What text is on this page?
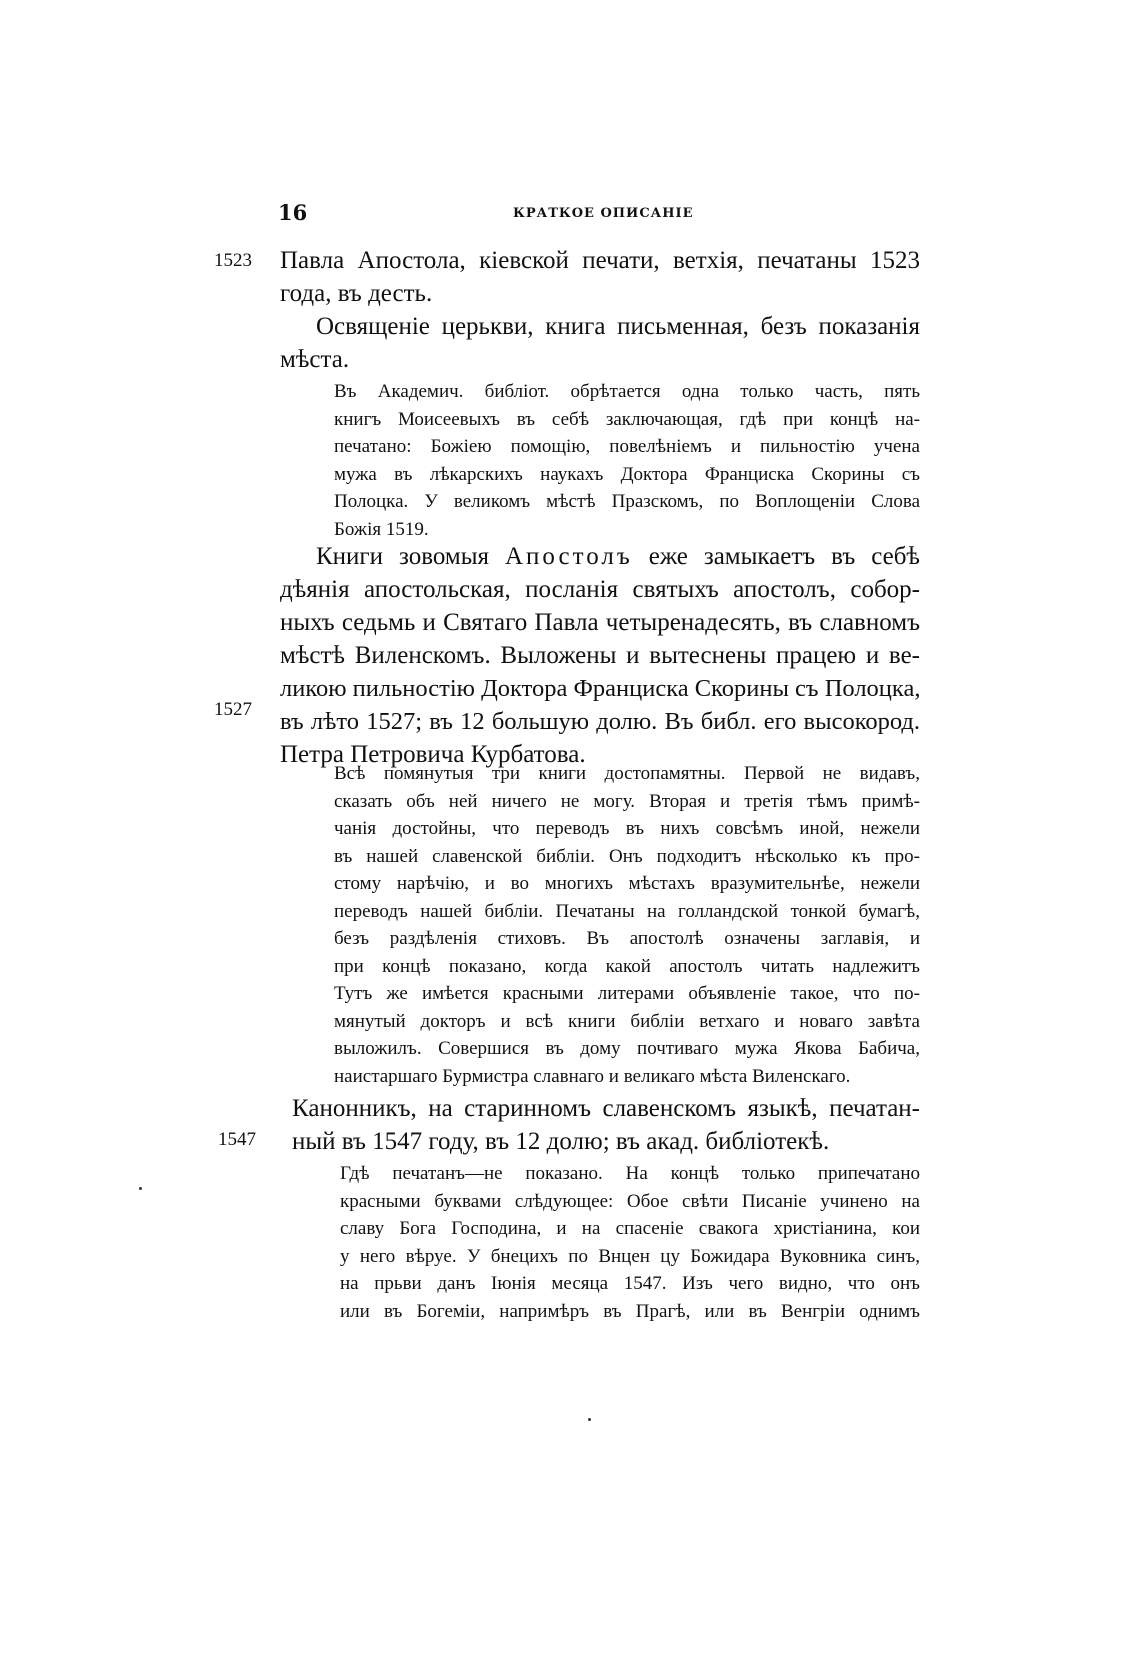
16	КРАТКОЕ ОПИСАНІЕ
1523
1527
1547
Павла Апостола, кіевской печати, ветхія, печатаны 1523
года, въ десть.
Освященіе церькви, книга письменная, безъ показанія
мѣста.
Въ Академич. библіот. обрѣтается одна только часть, пять
книгъ Моисеевыхъ въ себѣ заключающая, гдѣ при концѣ на-
печатано: Божіею помощію, повелѣніемъ и пильностію учена
мужа въ лѣкарскихъ наукахъ Доктора Франциска Скорины съ
Полоцка. У великомъ мѣстѣ Празскомъ, по Воплощеніи Слова
Божія 1519.
Книги зовомыя Апостолъ еже замыкаетъ въ себѣ
дѣянія апостольская, посланія святыхъ апостолъ, собор-
ныхъ седьмь и Святаго Павла четыренадесять, въ славномъ
мѣстѣ Виленскомъ. Выложены и вытеснены працею и ве-
ликою пильностію Доктора Франциска Скорины съ Полоцка,
въ лѣто 1527; въ 12 большую долю. Въ библ. его высокород.
Петра Петровича Курбатова.
Всѣ помянутыя три книги достопамятны. Первой не видавъ,
сказать объ ней ничего не могу. Вторая и третія тѣмъ примѣ-
чанія достойны, что переводъ въ нихъ совсѣмъ иной, нежели
въ нашей славенской библіи. Онъ подходитъ нѣсколько къ про-
стому нарѣчію, и во многихъ мѣстахъ вразумительнѣе, нежели
переводъ нашей библіи. Печатаны на голландской тонкой бумагѣ,
безъ раздѣленія стиховъ. Въ апостолѣ означены заглавія, и
при концѣ показано, когда какой апостолъ читать надлежитъ
Тутъ же имѣется красными литерами объявленіе такое, что по-
мянутый докторъ и всѣ книги библіи ветхаго и новаго завѣта
выложилъ. Совершися въ дому почтиваго мужа Якова Бабича,
наистаршаго Бурмистра славнаго и великаго мѣста Виленскаго.
Канонникъ, на старинномъ славенскомъ языкѣ, печатан-
ный въ 1547 году, въ 12 долю; въ акад. библіотекѣ.
Гдѣ печатанъ—не показано. На концѣ только припечатано
красными буквами слѣдующее: Обое свѣти Писаніе учинено на
славу Бога Господина, и на спасеніе свакога христіанина, кои
у него вѣруе. У бнецихъ по Внцен цу Божидара Вуковника синъ,
на прьви данъ Іюнія месяца 1547. Изъ чего видно, что онъ
или въ Богеміи, напримѣръ въ Прагѣ, или въ Венгріи однимъ
